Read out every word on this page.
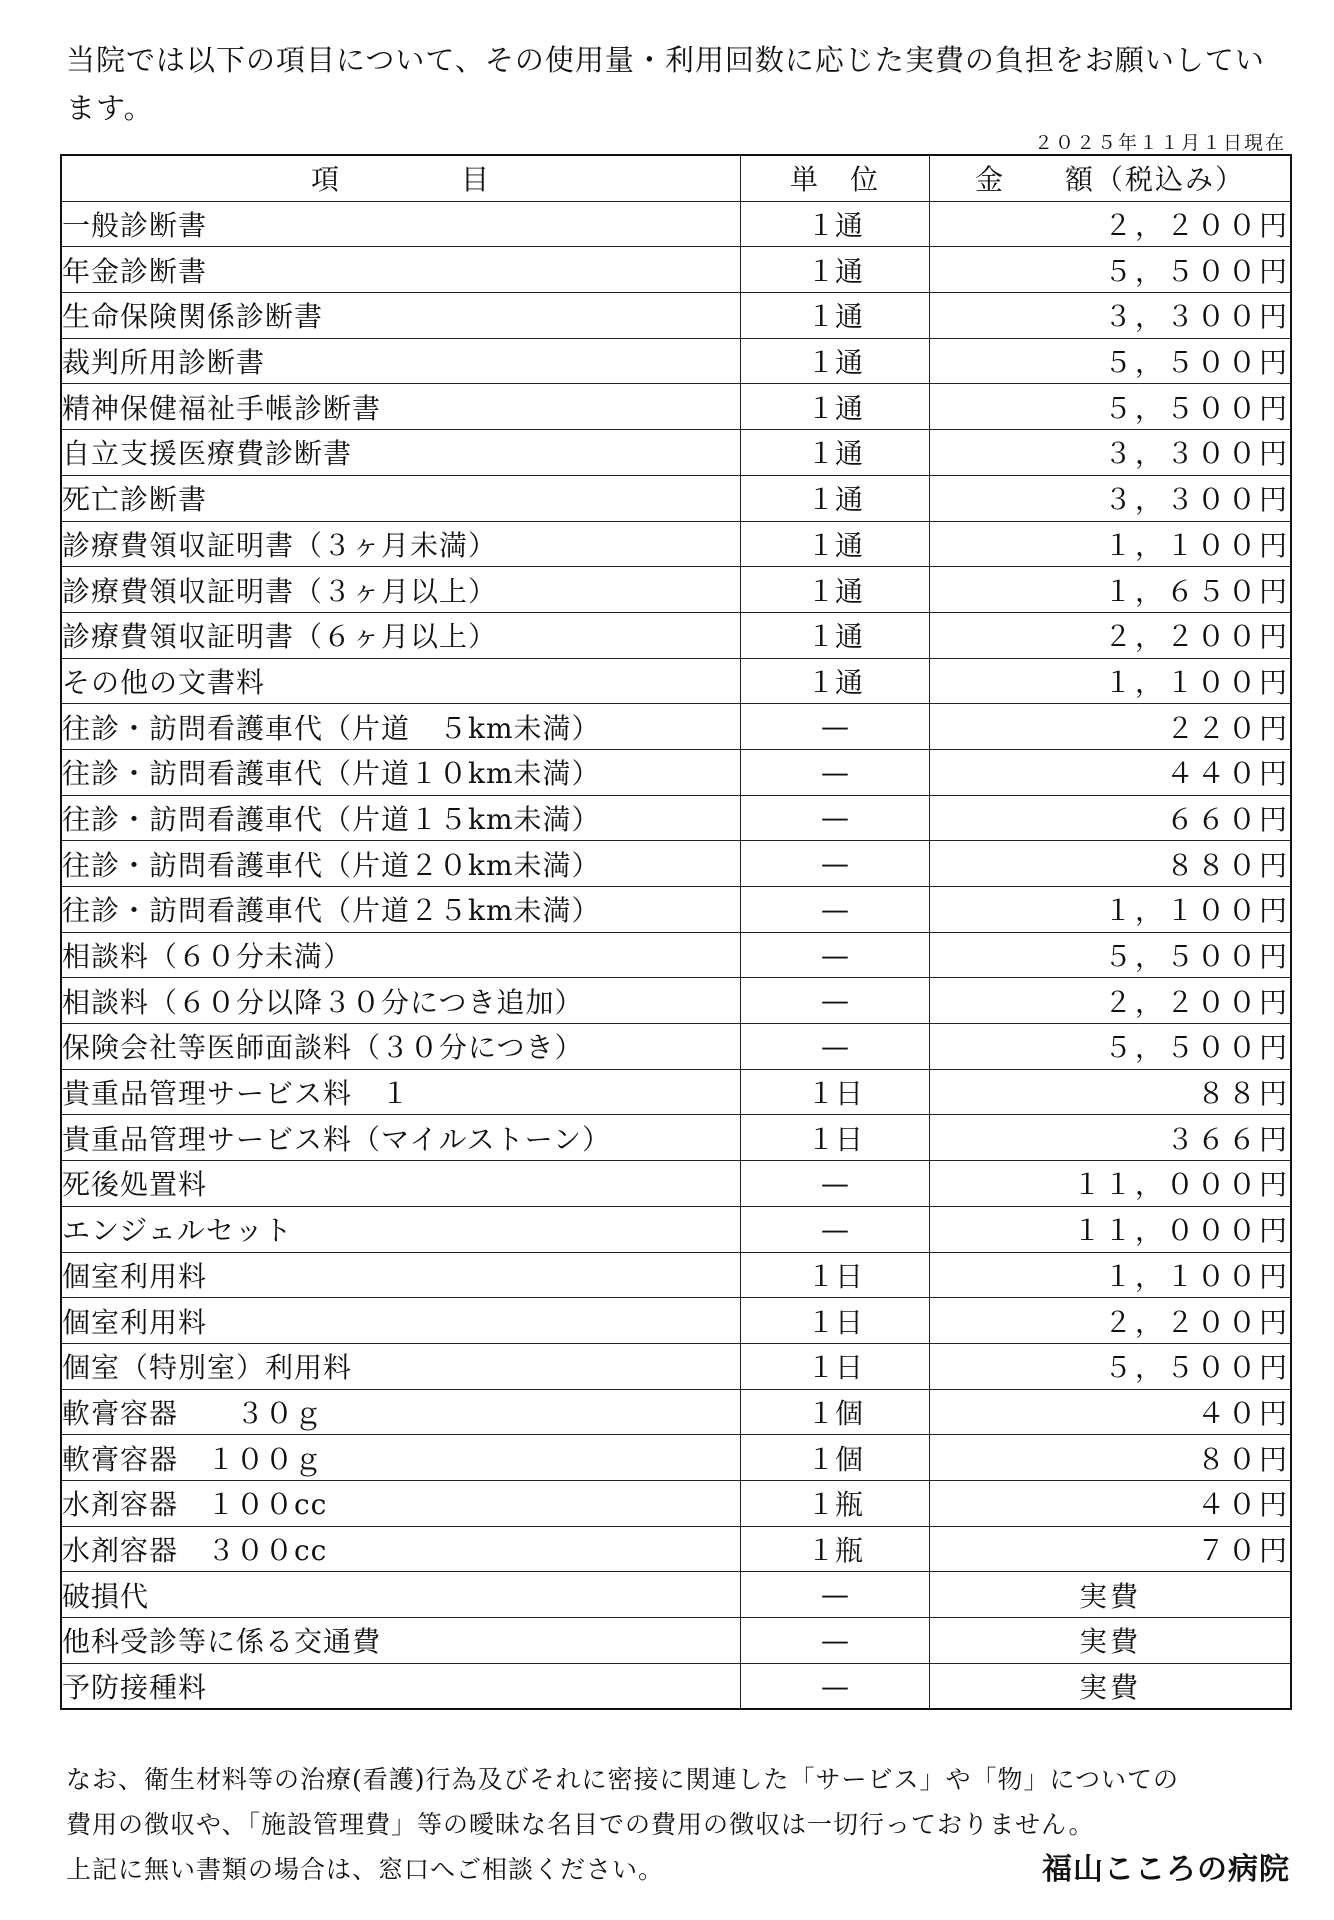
当院では以下の項目について、その使用量・利用回数に応じた実費の負担をお願いしています。
２０２５年１１月１日現在
項　　　　目	単　位	金　　額（税込み）
一般診断書	１通	２，２００円
年金診断書	１通	５，５００円
生命保険関係診断書	１通	３，３００円
裁判所用診断書	１通	５，５００円
精神保健福祉手帳診断書	１通	５，５００円
自立支援医療費診断書	１通	３，３００円
死亡診断書	１通	３，３００円
診療費領収証明書（３ヶ月未満）	１通	１，１００円
診療費領収証明書（３ヶ月以上）	１通	１，６５０円
診療費領収証明書（６ヶ月以上）	１通	２，２００円
その他の文書料	１通	１，１００円
往診・訪問看護車代（片道　５km未満）	—	２２０円
往診・訪問看護車代（片道１０km未満）	—	４４０円
往診・訪問看護車代（片道１５km未満）	—	６６０円
往診・訪問看護車代（片道２０km未満）	—	８８０円
往診・訪問看護車代（片道２５km未満）	—	１，１００円
相談料（６０分未満）	—	５，５００円
相談料（６０分以降３０分につき追加）	—	２，２００円
保険会社等医師面談料（３０分につき）	—	５，５００円
貴重品管理サービス料　１	１日	８８円
貴重品管理サービス料（マイルストーン）	１日	３６６円
死後処置料	—	１１，０００円
エンジェルセット	—	１１，０００円
個室利用料	１日	１，１００円
個室利用料	１日	２，２００円
個室（特別室）利用料	１日	５，５００円
軟膏容器　　３０ｇ	１個	４０円
軟膏容器　１００ｇ	１個	８０円
水剤容器　１００cc	１瓶	４０円
水剤容器　３００cc	１瓶	７０円
破損代	—	実費
他科受診等に係る交通費	—	実費
予防接種料	—	実費
なお、衛生材料等の治療(看護)行為及びそれに密接に関連した「サービス」や「物」についての
費用の徴収や、「施設管理費」等の曖昧な名目での費用の徴収は一切行っておりません。
上記に無い書類の場合は、窓口へご相談ください。	福山こころの病院
